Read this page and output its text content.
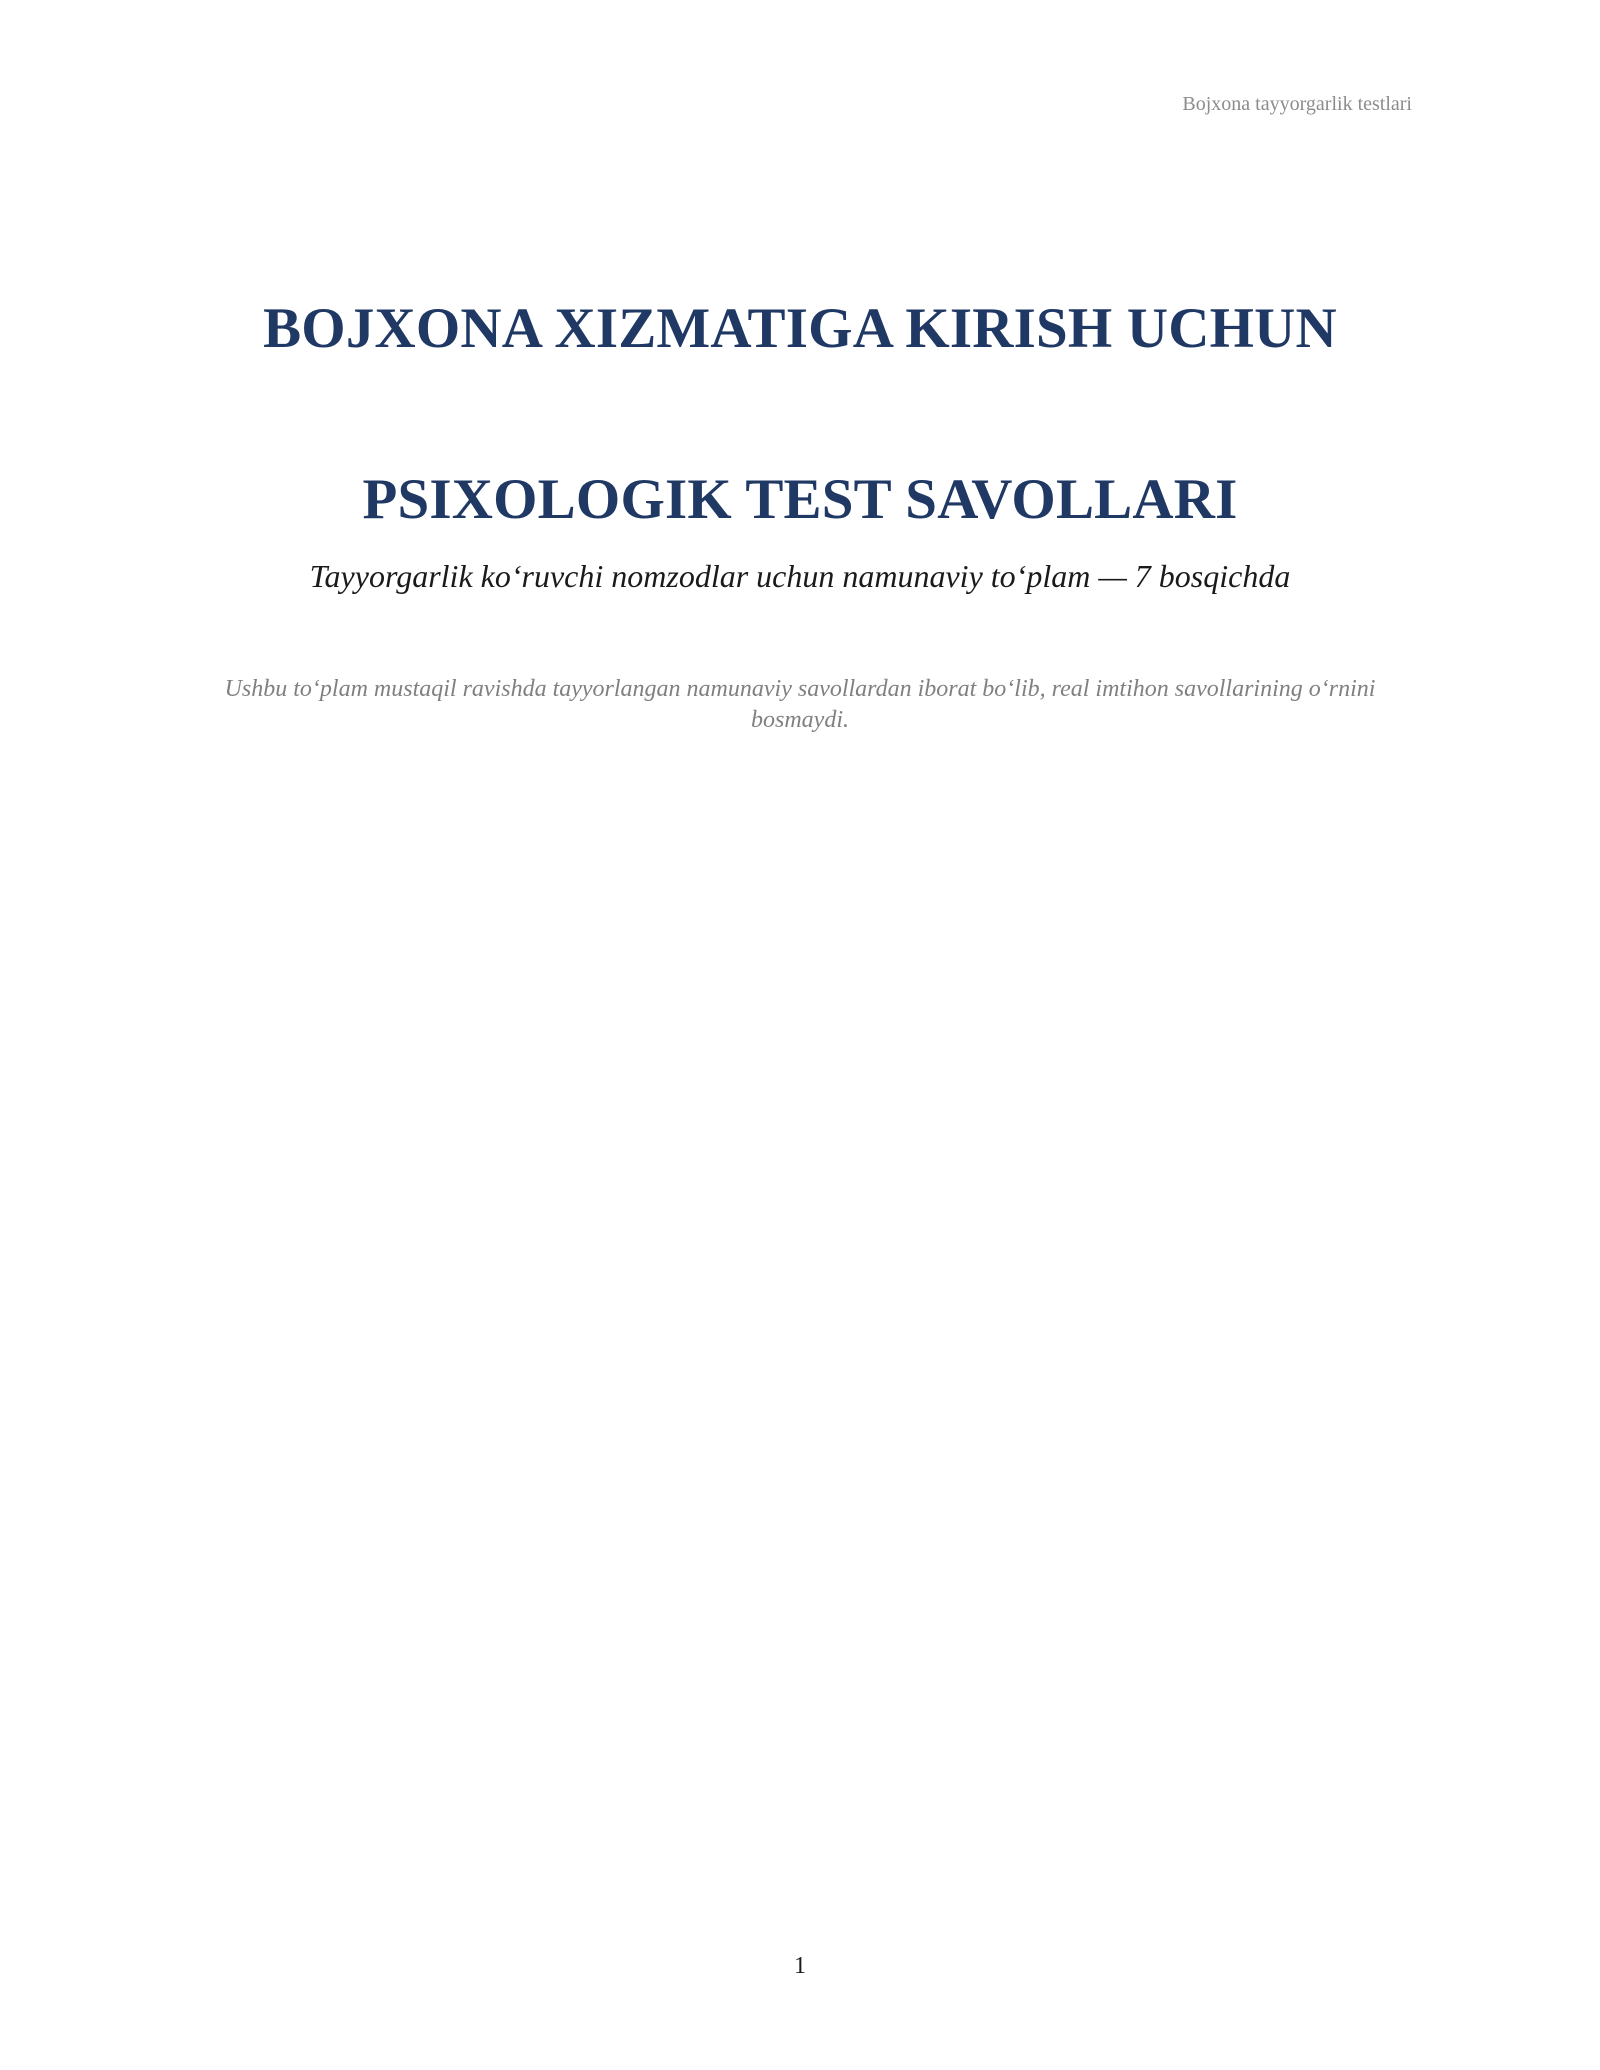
Bojxona tayyorgarlik testlari
BOJXONA XIZMATIGA KIRISH UCHUN
PSIXOLOGIK TEST SAVOLLARI
Tayyorgarlik ko‘ruvchi nomzodlar uchun namunaviy to‘plam — 7 bosqichda
Ushbu to‘plam mustaqil ravishda tayyorlangan namunaviy savollardan iborat bo‘lib, real imtihon savollarining o‘rnini bosmaydi.
1
